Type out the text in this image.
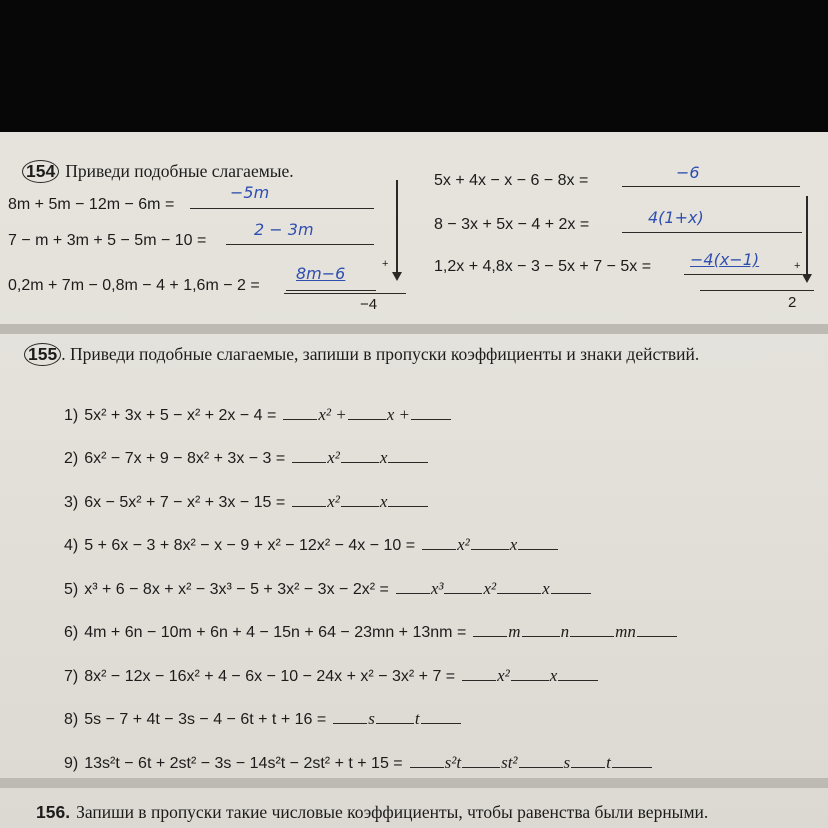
154 Приведи подобные слагаемые.
8m + 5m − 12m − 6m =
−5m
7 − m + 3m + 5 − 5m − 10 =
2 − 3m
0,2m + 7m − 0,8m − 4 + 1,6m − 2 =
8m−6	+
−4
5x + 4x − x − 6 − 8x =	−6
8 − 3x + 5x − 4 + 2x =	4(1+x)
1,2x + 4,8x − 3 − 5x + 7 − 5x = −4(x−1)	+
2
155 . Приведи подобные слагаемые, запиши в пропуски коэффициенты и знаки действий.
1) 5x² + 3x + 5 − x² + 2x − 4 = x² + x +
2) 6x² − 7x + 9 − 8x² + 3x − 3 = x² x
3) 6x − 5x² + 7 − x² + 3x − 15 = x² x
4) 5 + 6x − 3 + 8x² − x − 9 + x² − 12x² − 4x − 10 = x² x
5) x³ + 6 − 8x + x² − 3x³ − 5 + 3x² − 3x − 2x² = x³ x²	x
6) 4m + 6n − 10m + 6n + 4 − 15n + 64 − 23mn + 13nm = m n	mn
7) 8x² − 12x − 16x² + 4 − 6x − 10 − 24x + x² − 3x² + 7 = x² x
8) 5s − 7 + 4t − 3s − 4 − 6t + t + 16 = s t
9) 13s²t − 6t + 2st² − 3s − 14s²t − 2st² + t + 15 = s²t st²	s t
156. Запиши в пропуски такие числовые коэффициенты, чтобы равенства были верными.
